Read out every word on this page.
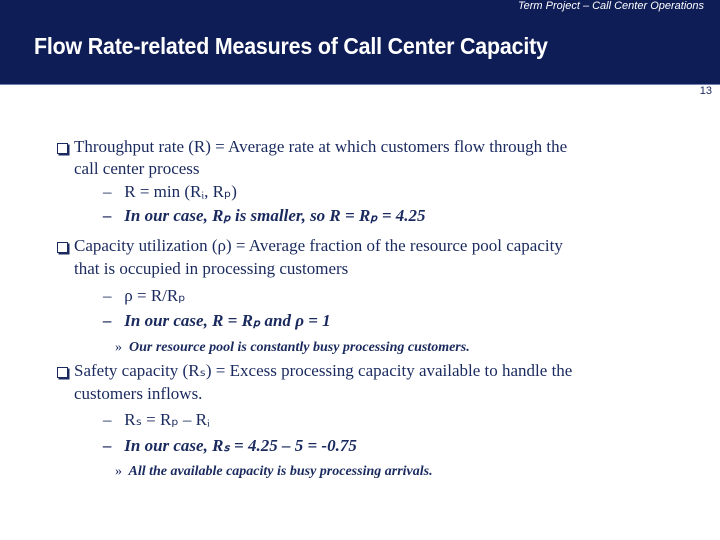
Term Project – Call Center Operations
Flow Rate-related Measures of Call Center Capacity
13
Throughput rate (R) = Average rate at which customers flow through the
call center process
– R = min (Rᵢ, Rₚ)
– In our case, Rₚ is smaller, so R = Rₚ = 4.25
Capacity utilization (ρ) = Average fraction of the resource pool capacity
that is occupied in processing customers
– ρ = R/Rₚ
– In our case, R = Rₚ and ρ = 1
» Our resource pool is constantly busy processing customers.
Safety capacity (Rₛ) = Excess processing capacity available to handle the
customers inflows.
– Rₛ = Rₚ – Rᵢ
– In our case, Rₛ = 4.25 – 5 = -0.75
» All the available capacity is busy processing arrivals.
